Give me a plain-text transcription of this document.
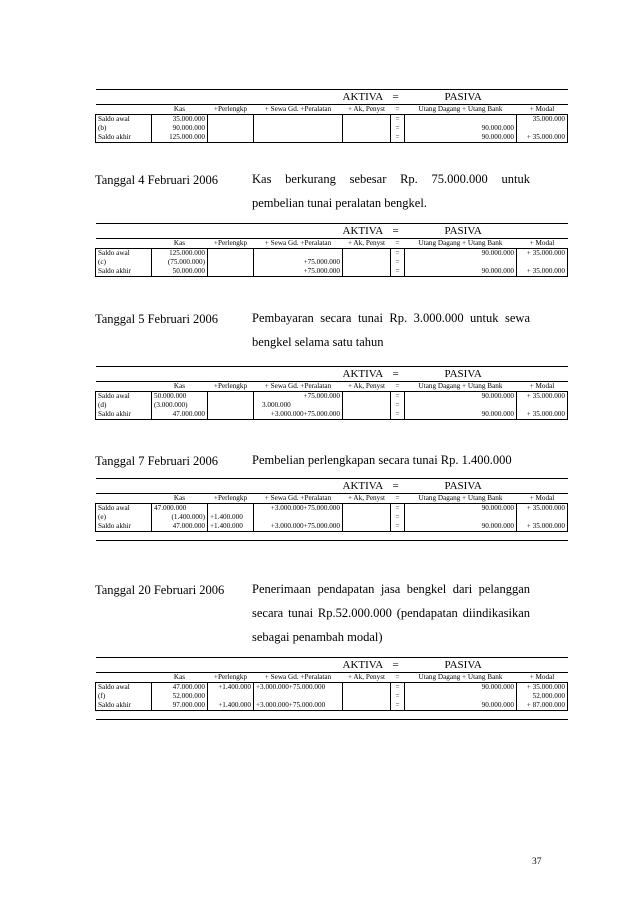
				AKTIVA	=	PASIVA	
	Kas	+Perlengkp	+ Sewa Gd. +Peralatan	+ Ak, Penyst	=	Utang Dagang + Utang Bank	+ Modal
Saldo awal	35.000.000				=		35.000.000
(b)	90.000.000				=	90.000.000	
Saldo akhir	125.000.000				=	90.000.000	+ 35.000.000
Tanggal 4 Februari 2006	Kas berkurang sebesar Rp. 75.000.000 untuk pembelian tunai peralatan bengkel.
				AKTIVA	=	PASIVA	
	Kas	+Perlengkp	+ Sewa Gd. +Peralatan	+ Ak, Penyst	=	Utang Dagang + Utang Bank	+ Modal
Saldo awal	125.000.000				=	90.000.000	+ 35.000.000
(c)	(75.000.000)		+75.000.000		=		
Saldo akhir	50.000.000		+75.000.000		=	90.000.000	+ 35.000.000
Tanggal 5 Februari 2006	Pembayaran secara tunai Rp. 3.000.000 untuk sewa bengkel selama satu tahun
				AKTIVA	=	PASIVA	
	Kas	+Perlengkp	+ Sewa Gd. +Peralatan	+ Ak, Penyst	=	Utang Dagang + Utang Bank	+ Modal
Saldo awal	50.000.000		+75.000.000		=	90.000.000	+ 35.000.000
(d)	(3.000.000)		3.000.000		=		
Saldo akhir	47.000.000		+3.000.000+75.000.000		=	90.000.000	+ 35.000.000
Tanggal 7 Februari 2006	Pembelian perlengkapan secara tunai Rp. 1.400.000
				AKTIVA	=	PASIVA	
	Kas	+Perlengkp	+ Sewa Gd. +Peralatan	+ Ak, Penyst	=	Utang Dagang + Utang Bank	+ Modal
Saldo awal	47.000.000		+3.000.000+75.000.000		=	90.000.000	+ 35.000.000
(e)	(1.400.000)	+1.400.000			=		
Saldo akhir	47.000.000	+1.400.000	+3.000.000+75.000.000		=	90.000.000	+ 35.000.000

Tanggal 20 Februari 2006 Penerimaan pendapatan jasa bengkel dari pelanggan secara tunai Rp.52.000.000 (pendapatan diindikasikan sebagai penambah modal)
				AKTIVA	=	PASIVA	
	Kas	+Perlengkp	+ Sewa Gd. +Peralatan	+ Ak, Penyst	=	Utang Dagang + Utang Bank	+ Modal
Saldo awal	47.000.000	+1.400.000	+3.000.000+75.000.000		=	90.000.000	+ 35.000.000
(f)	52.000.000				=		52.000.000
Saldo akhir	97.000.000	+1.400.000	+3.000.000+75.000.000		=	90.000.000	+ 87.000.000

37
